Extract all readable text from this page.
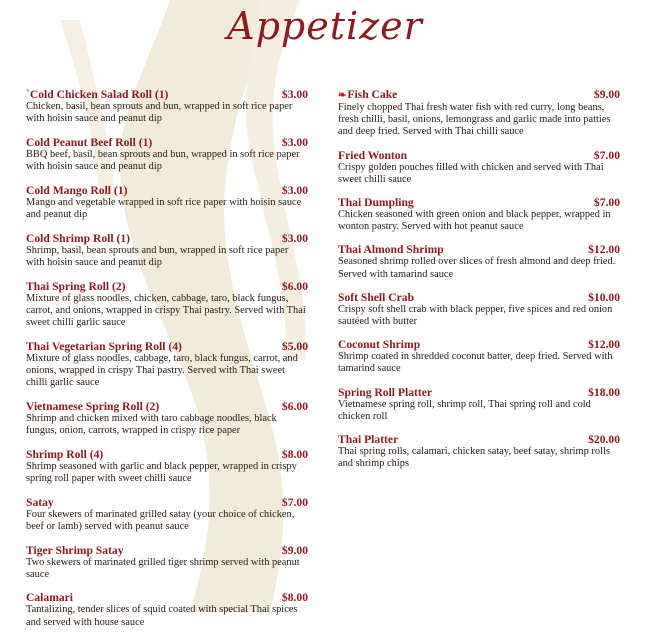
Appetizer
`Cold Chicken Salad Roll (1)	$3.00
Chicken, basil, bean sprouts and bun, wrapped in soft rice paper with hoisin sauce and peanut dip
Cold Peanut Beef Roll (1)	$3.00
BBQ beef, basil, bean sprouts and bun, wrapped in soft rice paper with hoisin sauce and peanut dip
Cold Mango Roll (1)	$3.00
Mango and vegetable wrapped in soft rice paper with hoisin sauce and peanut dip
Cold Shrimp Roll (1)	$3.00
Shrimp, basil, bean sprouts and bun, wrapped in soft rice paper with hoisin sauce and peanut dip
Thai Spring Roll (2)	$6.00
Mixture of glass noodles, chicken, cabbage, taro, black fungus, carrot, and onions, wrapped in crispy Thai pastry. Served with Thai sweet chilli garlic sauce
Thai Vegetarian Spring Roll (4)	$5.00
Mixture of glass noodles, cabbage, taro, black fungus, carrot, and onions, wrapped in crispy Thai pastry. Served with Thai sweet chilli garlic sauce
Vietnamese Spring Roll (2)	$6.00
Shrimp and chicken mixed with taro cabbage noodles, black fungus, onion, carrots, wrapped in crispy rice paper
Shrimp Roll (4)	$8.00
Shrimp seasoned with garlic and black pepper, wrapped in crispy spring roll paper with sweet chilli sauce
Satay	$7.00
Four skewers of marinated grilled satay (your choice of chicken, beef or lamb) served with peanut sauce
Tiger Shrimp Satay	$9.00
Two skewers of marinated grilled tiger shrimp served with peanut sauce
Calamari	$8.00
Tantalizing, tender slices of squid coated with special Thai spices and served with house sauce
❧Fish Cake	$9.00
Finely chopped Thai fresh water fish with red curry, long beans, fresh chilli, basil, onions, lemongrass and garlic made into patties and deep fried. Served with Thai chilli sauce
Fried Wonton	$7.00
Crispy golden pouches filled with chicken and served with Thai sweet chilli sauce
Thai Dumpling	$7.00
Chicken seasoned with green onion and black pepper, wrapped in wonton pastry. Served with hot peanut sauce
Thai Almond Shrimp	$12.00
Seasoned shrimp rolled over slices of fresh almond and deep fried. Served with tamarind sauce
Soft Shell Crab	$10.00
Crispy soft shell crab with black pepper, five spices and red onion sautéed with butter
Coconut Shrimp	$12.00
Shrimp coated in shredded coconut batter, deep fried. Served with tamarind sauce
Spring Roll Platter	$18.00
Vietnamese spring roll, shrimp roll, Thai spring roll and cold chicken roll
Thai Platter	$20.00
Thai spring rolls, calamari, chicken satay, beef satay, shrimp rolls and shrimp chips
